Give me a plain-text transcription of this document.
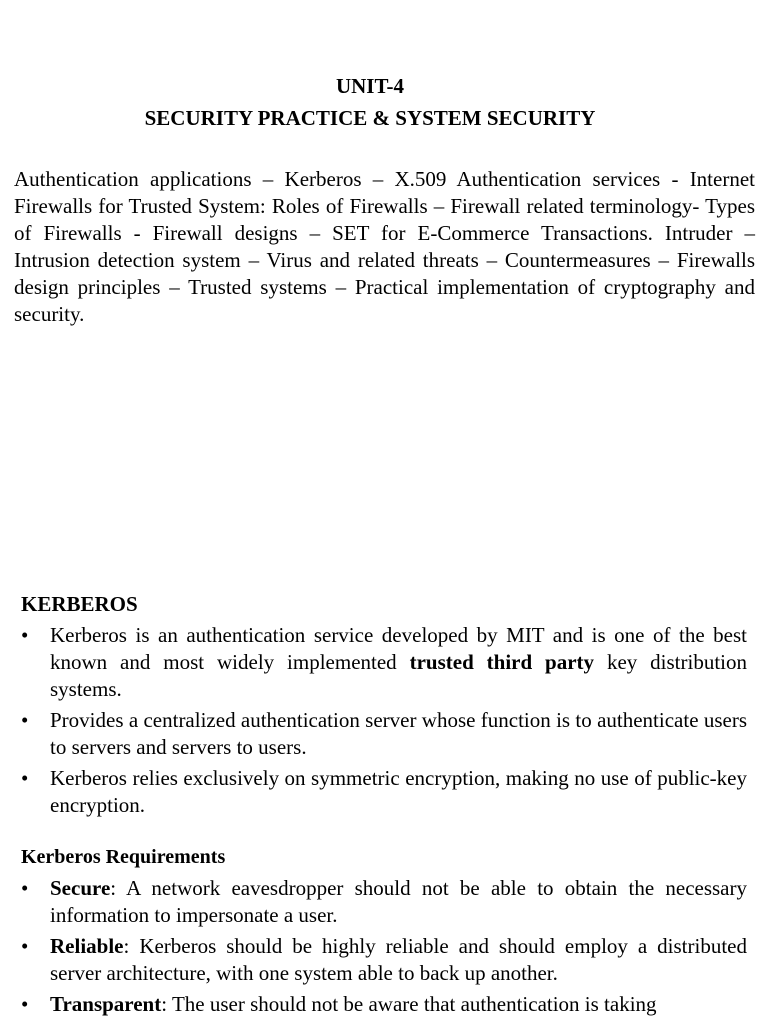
UNIT-4
SECURITY PRACTICE & SYSTEM SECURITY

Authentication applications – Kerberos – X.509 Authentication services - Internet Firewalls for Trusted System: Roles of Firewalls – Firewall related terminology- Types of Firewalls - Firewall designs – SET for E-Commerce Transactions. Intruder – Intrusion detection system – Virus and related threats – Countermeasures – Firewalls design principles – Trusted systems – Practical implementation of cryptography and security.

KERBEROS
•	Kerberos is an authentication service developed by MIT and is one of the best known and most widely implemented trusted third party key distribution systems.
•	Provides a centralized authentication server whose function is to authenticate users to servers and servers to users.
•	Kerberos relies exclusively on symmetric encryption, making no use of public-key encryption.
Kerberos Requirements
•	Secure: A network eavesdropper should not be able to obtain the necessary information to impersonate a user.
•	Reliable: Kerberos should be highly reliable and should employ a distributed server architecture, with one system able to back up another.
•	Transparent: The user should not be aware that authentication is taking
